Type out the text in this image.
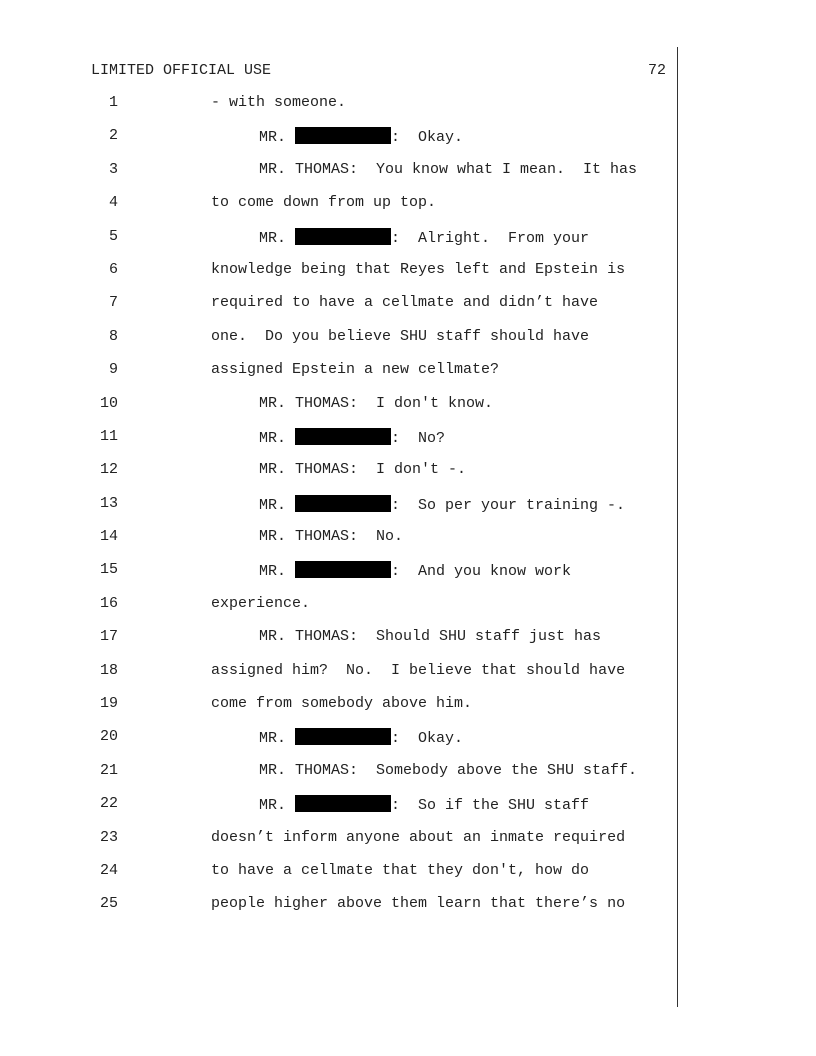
LIMITED OFFICIAL USE	72
1	- with someone.
2	MR.	:  Okay.
3	MR. THOMAS:  You know what I mean.  It has
4	to come down from up top.
5	MR.	:  Alright.  From your
6	knowledge being that Reyes left and Epstein is
7	required to have a cellmate and didn’t have
8	one.  Do you believe SHU staff should have
9	assigned Epstein a new cellmate?
10	MR. THOMAS:  I don't know.
11	MR.	:  No?
12	MR. THOMAS:  I don't -.
13	MR.	:  So per your training -.
14	MR. THOMAS:  No.
15	MR.	:  And you know work
16	experience.
17	MR. THOMAS:  Should SHU staff just has
18	assigned him?  No.  I believe that should have
19	come from somebody above him.
20	MR.	:  Okay.
21	MR. THOMAS:  Somebody above the SHU staff.
22	MR.	:  So if the SHU staff
23	doesn’t inform anyone about an inmate required
24	to have a cellmate that they don't, how do
25	people higher above them learn that there’s no
